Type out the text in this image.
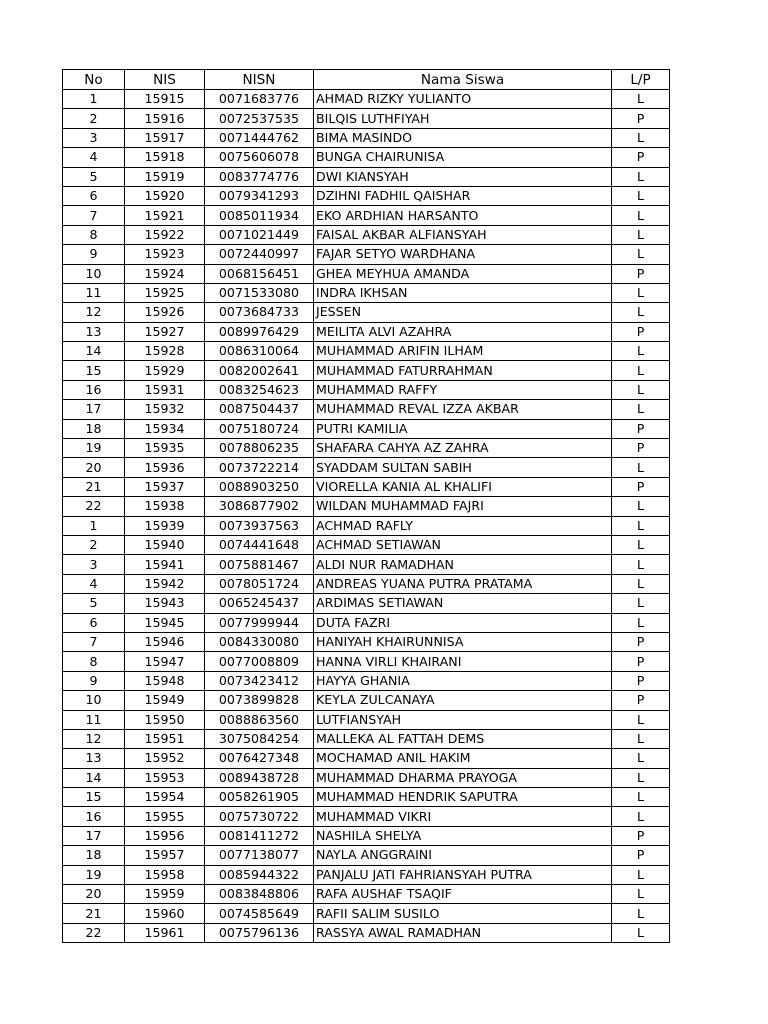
No	NIS	NISN	Nama Siswa	L/P
1	15915	0071683776	AHMAD RIZKY YULIANTO	L
2	15916	0072537535	BILQIS LUTHFIYAH	P
3	15917	0071444762	BIMA MASINDO	L
4	15918	0075606078	BUNGA CHAIRUNISA	P
5	15919	0083774776	DWI KIANSYAH	L
6	15920	0079341293	DZIHNI FADHIL QAISHAR	L
7	15921	0085011934	EKO ARDHIAN HARSANTO	L
8	15922	0071021449	FAISAL AKBAR ALFIANSYAH	L
9	15923	0072440997	FAJAR SETYO WARDHANA	L
10	15924	0068156451	GHEA MEYHUA AMANDA	P
11	15925	0071533080	INDRA IKHSAN	L
12	15926	0073684733	JESSEN	L
13	15927	0089976429	MEILITA ALVI AZAHRA	P
14	15928	0086310064	MUHAMMAD ARIFIN ILHAM	L
15	15929	0082002641	MUHAMMAD FATURRAHMAN	L
16	15931	0083254623	MUHAMMAD RAFFY	L
17	15932	0087504437	MUHAMMAD REVAL IZZA AKBAR	L
18	15934	0075180724	PUTRI KAMILIA	P
19	15935	0078806235	SHAFARA CAHYA AZ ZAHRA	P
20	15936	0073722214	SYADDAM SULTAN SABIH	L
21	15937	0088903250	VIORELLA KANIA AL KHALIFI	P
22	15938	3086877902	WILDAN MUHAMMAD FAJRI	L
1	15939	0073937563	ACHMAD RAFLY	L
2	15940	0074441648	ACHMAD SETIAWAN	L
3	15941	0075881467	ALDI NUR RAMADHAN	L
4	15942	0078051724	ANDREAS YUANA PUTRA PRATAMA	L
5	15943	0065245437	ARDIMAS SETIAWAN	L
6	15945	0077999944	DUTA FAZRI	L
7	15946	0084330080	HANIYAH KHAIRUNNISA	P
8	15947	0077008809	HANNA VIRLI KHAIRANI	P
9	15948	0073423412	HAYYA GHANIA	P
10	15949	0073899828	KEYLA ZULCANAYA	P
11	15950	0088863560	LUTFIANSYAH	L
12	15951	3075084254	MALLEKA AL FATTAH DEMS	L
13	15952	0076427348	MOCHAMAD ANIL HAKIM	L
14	15953	0089438728	MUHAMMAD DHARMA PRAYOGA	L
15	15954	0058261905	MUHAMMAD HENDRIK SAPUTRA	L
16	15955	0075730722	MUHAMMAD VIKRI	L
17	15956	0081411272	NASHILA SHELYA	P
18	15957	0077138077	NAYLA ANGGRAINI	P
19	15958	0085944322	PANJALU JATI FAHRIANSYAH PUTRA	L
20	15959	0083848806	RAFA AUSHAF TSAQIF	L
21	15960	0074585649	RAFII SALIM SUSILO	L
22	15961	0075796136	RASSYA AWAL RAMADHAN	L
